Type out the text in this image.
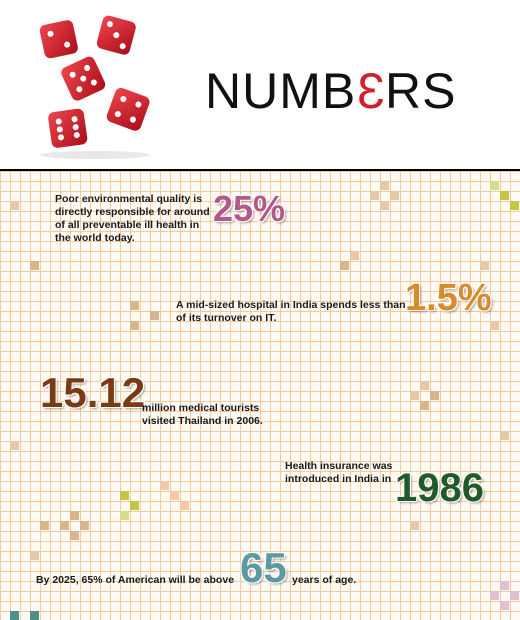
NUMB3RS
Poor environmental quality is directly responsible for around of all preventable ill health in the world today.
25%
A mid-sized hospital in India spends less than of its turnover on IT.	1.5%
15.12
million medical tourists visited Thailand in 2006.
Health insurance was introduced in India in 1986
By 2025, 65% of American will be above 65 years of age.
